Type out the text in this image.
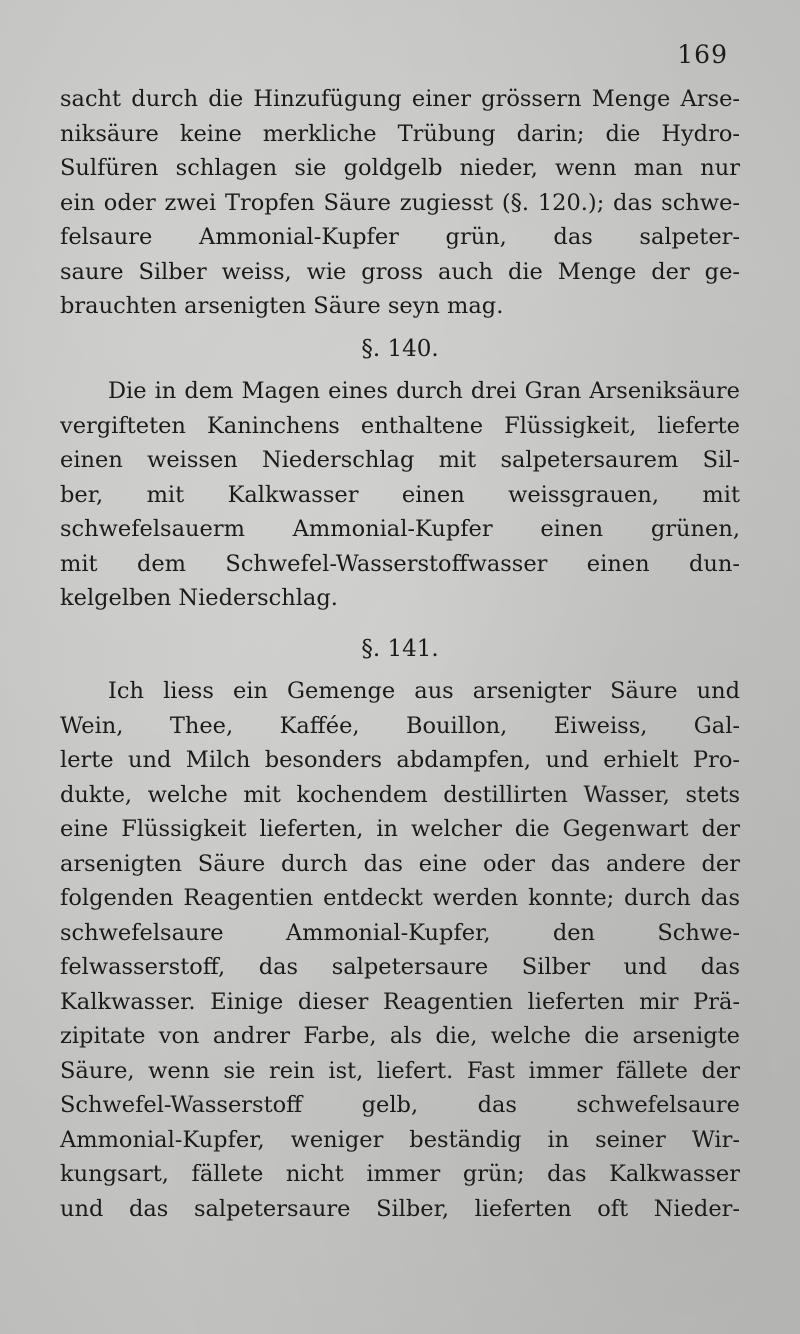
169
sacht durch die Hinzufügung einer grössern Menge Arse-
niksäure keine merkliche Trübung darin; die Hydro-
Sulfüren schlagen sie goldgelb nieder, wenn man nur
ein oder zwei Tropfen Säure zugiesst (§. 120.); das schwe-
felsaure Ammonial-Kupfer grün, das salpeter-
saure Silber weiss, wie gross auch die Menge der ge-
brauchten arsenigten Säure seyn mag.
§. 140.
Die in dem Magen eines durch drei Gran Arseniksäure
vergifteten Kaninchens enthaltene Flüssigkeit, lieferte
einen weissen Niederschlag mit salpetersaurem Sil-
ber, mit Kalkwasser einen weissgrauen, mit
schwefelsauerm Ammonial-Kupfer einen grünen,
mit dem Schwefel-Wasserstoffwasser einen dun-
kelgelben Niederschlag.
§. 141.
Ich liess ein Gemenge aus arsenigter Säure und
Wein, Thee, Kaffée, Bouillon, Eiweiss, Gal-
lerte und Milch besonders abdampfen, und erhielt Pro-
dukte, welche mit kochendem destillirten Wasser, stets
eine Flüssigkeit lieferten, in welcher die Gegenwart der
arsenigten Säure durch das eine oder das andere der
folgenden Reagentien entdeckt werden konnte; durch das
schwefelsaure Ammonial-Kupfer, den Schwe-
felwasserstoff, das salpetersaure Silber und das
Kalkwasser. Einige dieser Reagentien lieferten mir Prä-
zipitate von andrer Farbe, als die, welche die arsenigte
Säure, wenn sie rein ist, liefert. Fast immer fällete der
Schwefel-Wasserstoff gelb, das schwefelsaure
Ammonial-Kupfer, weniger beständig in seiner Wir-
kungsart, fällete nicht immer grün; das Kalkwasser
und das salpetersaure Silber, lieferten oft Nieder-
